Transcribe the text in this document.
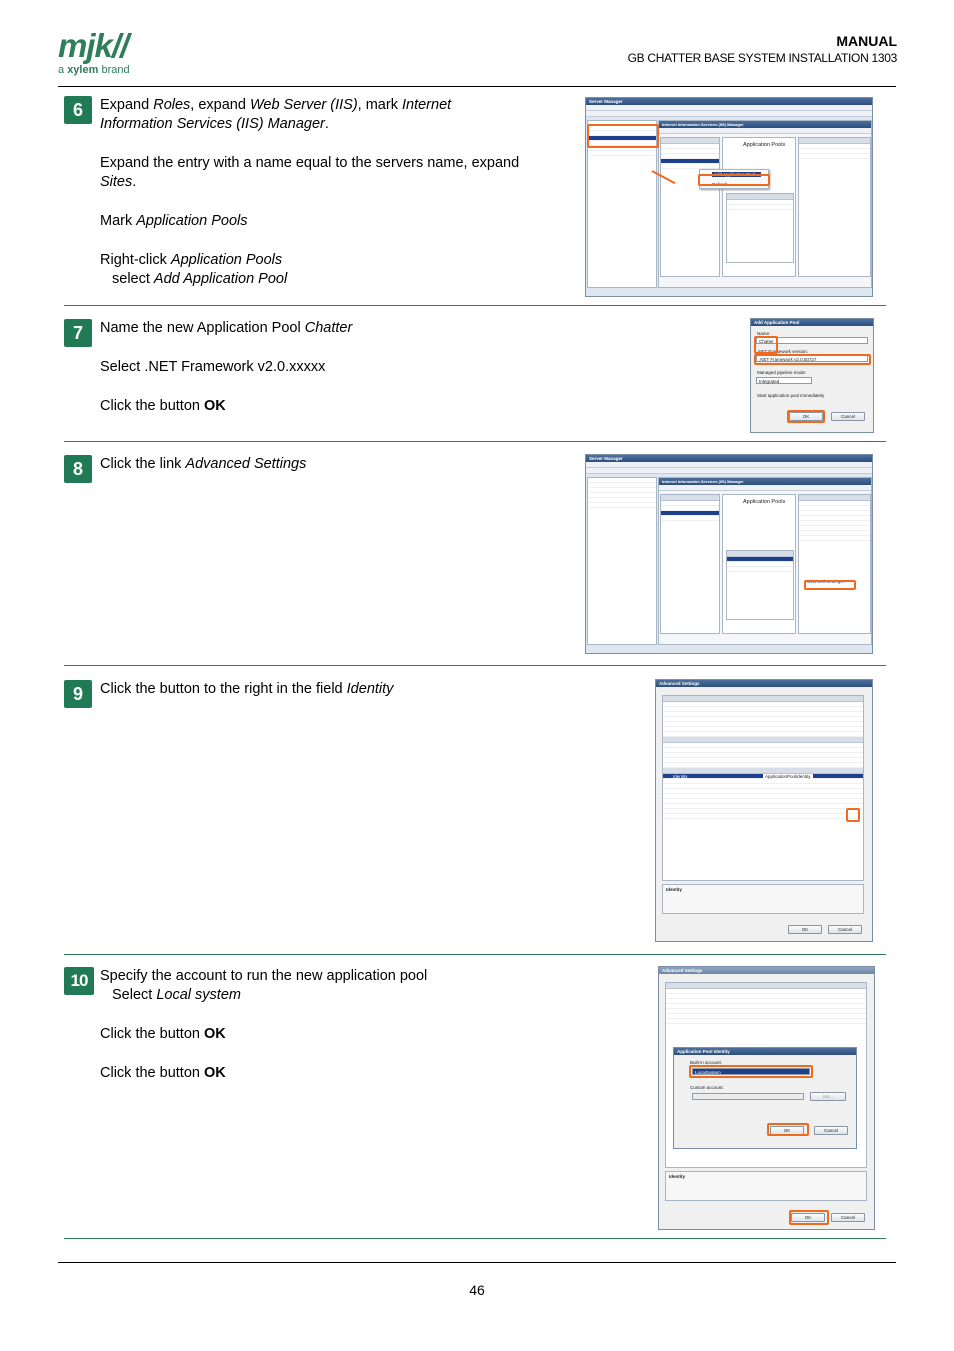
mjk//
a xylem brand
MANUAL
GB CHATTER BASE SYSTEM INSTALLATION 1303
6	Expand Roles, expand Web Server (IIS), mark Internet Information Services (IIS) Manager.

Expand the entry with a name equal to the servers name, expand Sites.

Mark Application Pools

Right-click Application Pools

select Add Application Pool

Server Manager
Internet Information Services (IIS) Manager
Application Pools
Add Application Pool...
Refresh
7	Name the new Application Pool Chatter

Select .NET Framework v2.0.xxxxx

Click the button OK

Add Application Pool
Name:
Chatter
.NET Framework version:
.NET Framework v2.0.50727
Managed pipeline mode:
Integrated
Start application pool immediately
OK	Cancel
8	Click the link Advanced Settings	Server Manager
Internet Information Services (IIS) Manager
Application Pools
Advanced Settings...
9	Click the button to the right in the field Identity	Advanced Settings
Identity	ApplicationPoolIdentity
Identity
OK	Cancel
10 Specify the account to run the new application pool

Select Local system

Click the button OK

Click the button OK

Advanced Settings
Application Pool Identity
Built-in account:
LocalSystem
Custom account:
Set...
OK	Cancel
Identity
OK	Cancel
46
